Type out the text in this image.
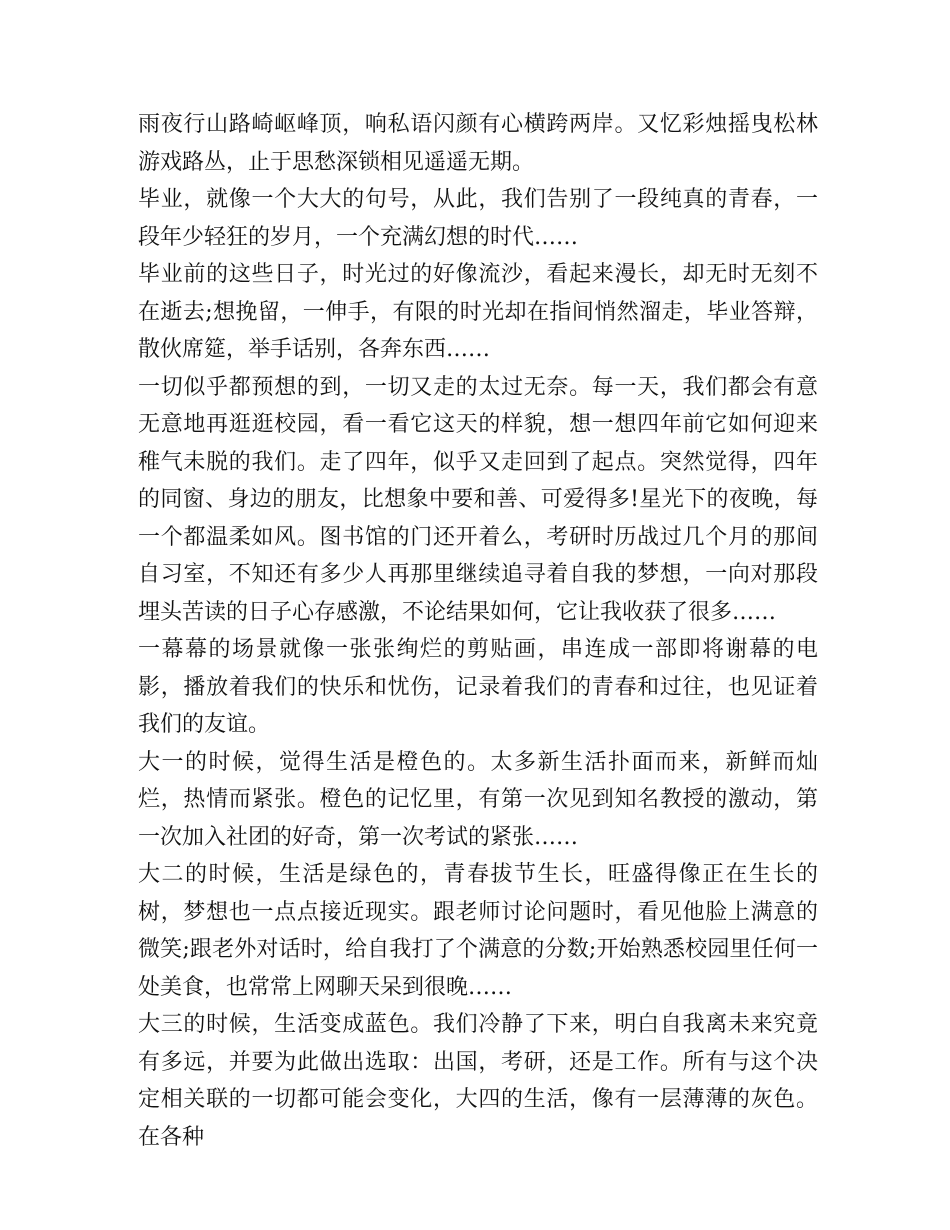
雨夜行山路崎岖峰顶，响私语闪颜有心横跨两岸。又忆彩烛摇曳松林游戏路丛，止于思愁深锁相见遥遥无期。

毕业，就像一个大大的句号，从此，我们告别了一段纯真的青春，一段年少轻狂的岁月，一个充满幻想的时代……

毕业前的这些日子，时光过的好像流沙，看起来漫长，却无时无刻不在逝去;想挽留，一伸手，有限的时光却在指间悄然溜走，毕业答辩，散伙席筵，举手话别，各奔东西……

一切似乎都预想的到，一切又走的太过无奈。每一天，我们都会有意无意地再逛逛校园，看一看它这天的样貌，想一想四年前它如何迎来稚气未脱的我们。走了四年，似乎又走回到了起点。突然觉得，四年的同窗、身边的朋友，比想象中要和善、可爱得多!星光下的夜晚，每一个都温柔如风。图书馆的门还开着么，考研时历战过几个月的那间自习室，不知还有多少人再那里继续追寻着自我的梦想，一向对那段埋头苦读的日子心存感激，不论结果如何，它让我收获了很多……

一幕幕的场景就像一张张绚烂的剪贴画，串连成一部即将谢幕的电影，播放着我们的快乐和忧伤，记录着我们的青春和过往，也见证着我们的友谊。

大一的时候，觉得生活是橙色的。太多新生活扑面而来，新鲜而灿烂，热情而紧张。橙色的记忆里，有第一次见到知名教授的激动，第一次加入社团的好奇，第一次考试的紧张……

大二的时候，生活是绿色的，青春拔节生长，旺盛得像正在生长的树，梦想也一点点接近现实。跟老师讨论问题时，看见他脸上满意的微笑;跟老外对话时，给自我打了个满意的分数;开始熟悉校园里任何一处美食，也常常上网聊天呆到很晚……

大三的时候，生活变成蓝色。我们冷静了下来，明白自我离未来究竟有多远，并要为此做出选取：出国，考研，还是工作。所有与这个决定相关联的一切都可能会变化，大四的生活，像有一层薄薄的灰色。在各种
